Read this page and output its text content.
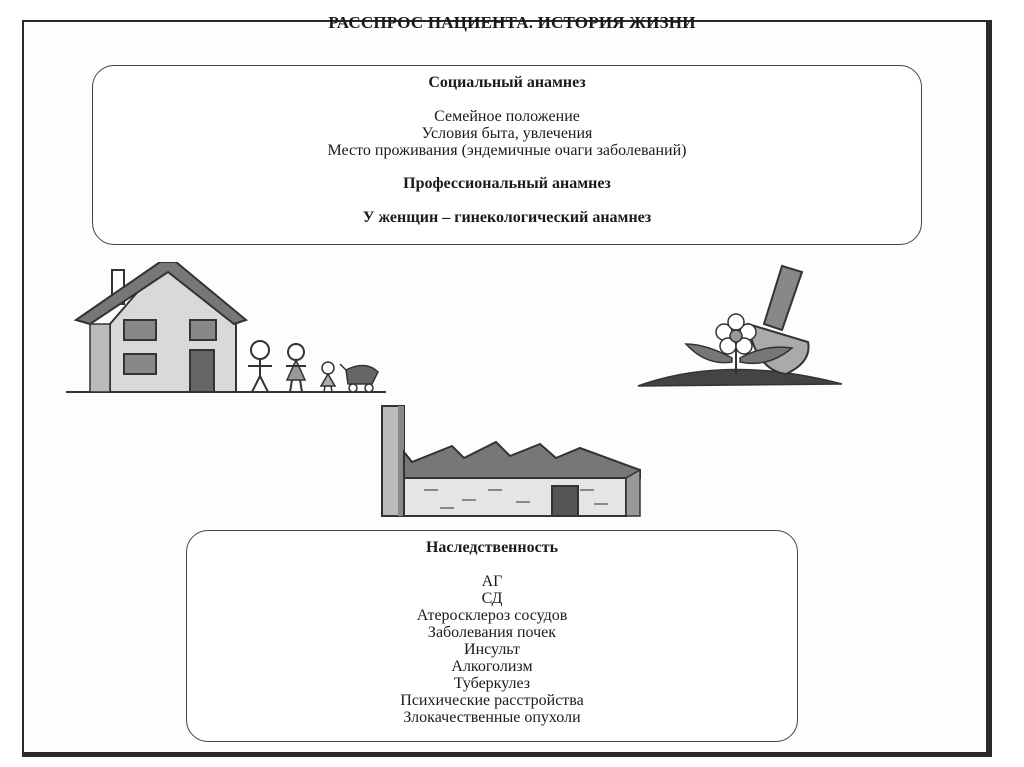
РАССПРОС ПАЦИЕНТА. ИСТОРИЯ ЖИЗНИ
Социальный анамнез
Семейное положение
Условия быта, увлечения
Место проживания (эндемичные очаги заболеваний)
Профессиональный анамнез
У женщин – гинекологический анамнез
Наследственность
АГ
СД
Атеросклероз сосудов
Заболевания почек
Инсульт
Алкоголизм
Туберкулез
Психические расстройства
Злокачественные опухоли
